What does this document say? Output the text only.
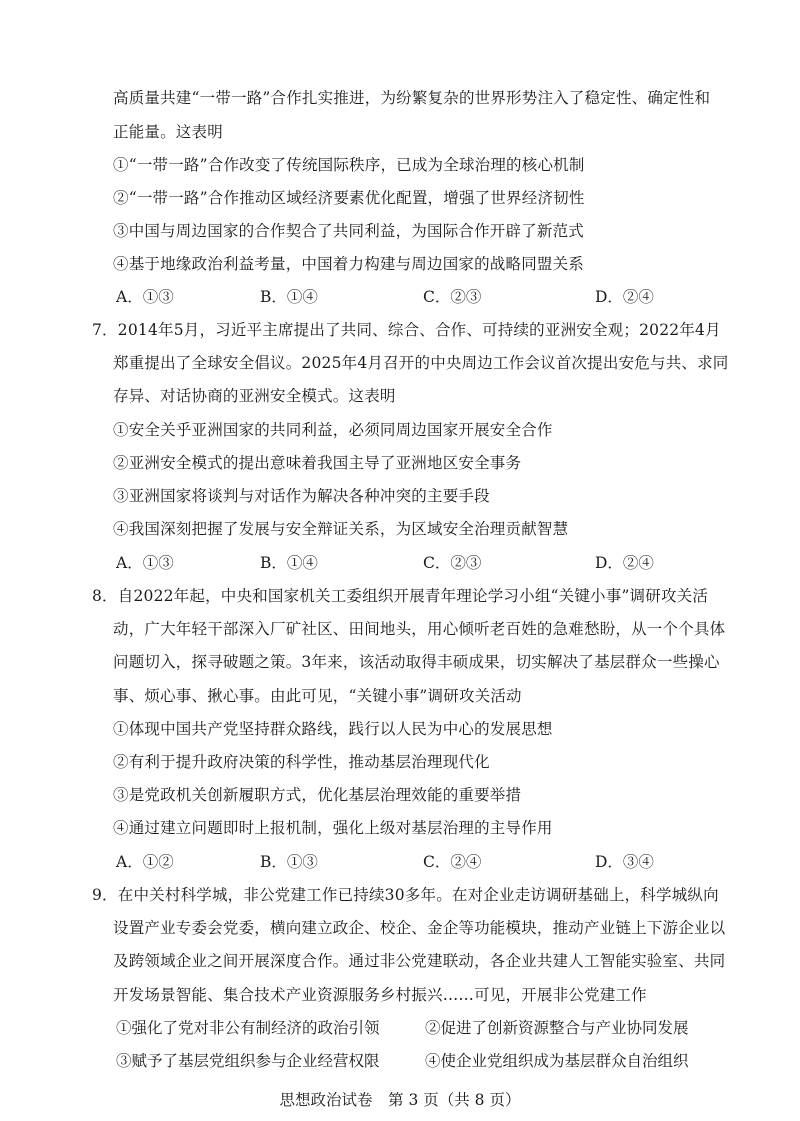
高质量共建“一带一路”合作扎实推进，为纷繁复杂的世界形势注入了稳定性、确定性和
正能量。这表明
①“一带一路”合作改变了传统国际秩序，已成为全球治理的核心机制
②“一带一路”合作推动区域经济要素优化配置，增强了世界经济韧性
③中国与周边国家的合作契合了共同利益，为国际合作开辟了新范式
④基于地缘政治利益考量，中国着力构建与周边国家的战略同盟关系
A．①③	B．①④	C．②③	D．②④
7．2014年5月，习近平主席提出了共同、综合、合作、可持续的亚洲安全观；2022年4月
郑重提出了全球安全倡议。2025年4月召开的中央周边工作会议首次提出安危与共、求同
存异、对话协商的亚洲安全模式。这表明
①安全关乎亚洲国家的共同利益，必须同周边国家开展安全合作
②亚洲安全模式的提出意味着我国主导了亚洲地区安全事务
③亚洲国家将谈判与对话作为解决各种冲突的主要手段
④我国深刻把握了发展与安全辩证关系，为区域安全治理贡献智慧
A．①③	B．①④	C．②③	D．②④
8．自2022年起，中央和国家机关工委组织开展青年理论学习小组“关键小事”调研攻关活
动，广大年轻干部深入厂矿社区、田间地头，用心倾听老百姓的急难愁盼，从一个个具体
问题切入，探寻破题之策。3年来，该活动取得丰硕成果，切实解决了基层群众一些操心
事、烦心事、揪心事。由此可见，“关键小事”调研攻关活动
①体现中国共产党坚持群众路线，践行以人民为中心的发展思想
②有利于提升政府决策的科学性，推动基层治理现代化
③是党政机关创新履职方式，优化基层治理效能的重要举措
④通过建立问题即时上报机制，强化上级对基层治理的主导作用
A．①②	B．①③	C．②④	D．③④
9．在中关村科学城，非公党建工作已持续30多年。在对企业走访调研基础上，科学城纵向
设置产业专委会党委，横向建立政企、校企、金企等功能模块，推动产业链上下游企业以
及跨领域企业之间开展深度合作。通过非公党建联动，各企业共建人工智能实验室、共同
开发场景智能、集合技术产业资源服务乡村振兴……可见，开展非公党建工作
①强化了党对非公有制经济的政治引领	②促进了创新资源整合与产业协同发展
③赋予了基层党组织参与企业经营权限	④使企业党组织成为基层群众自治组织
思想政治试卷　第 3 页（共 8 页）
